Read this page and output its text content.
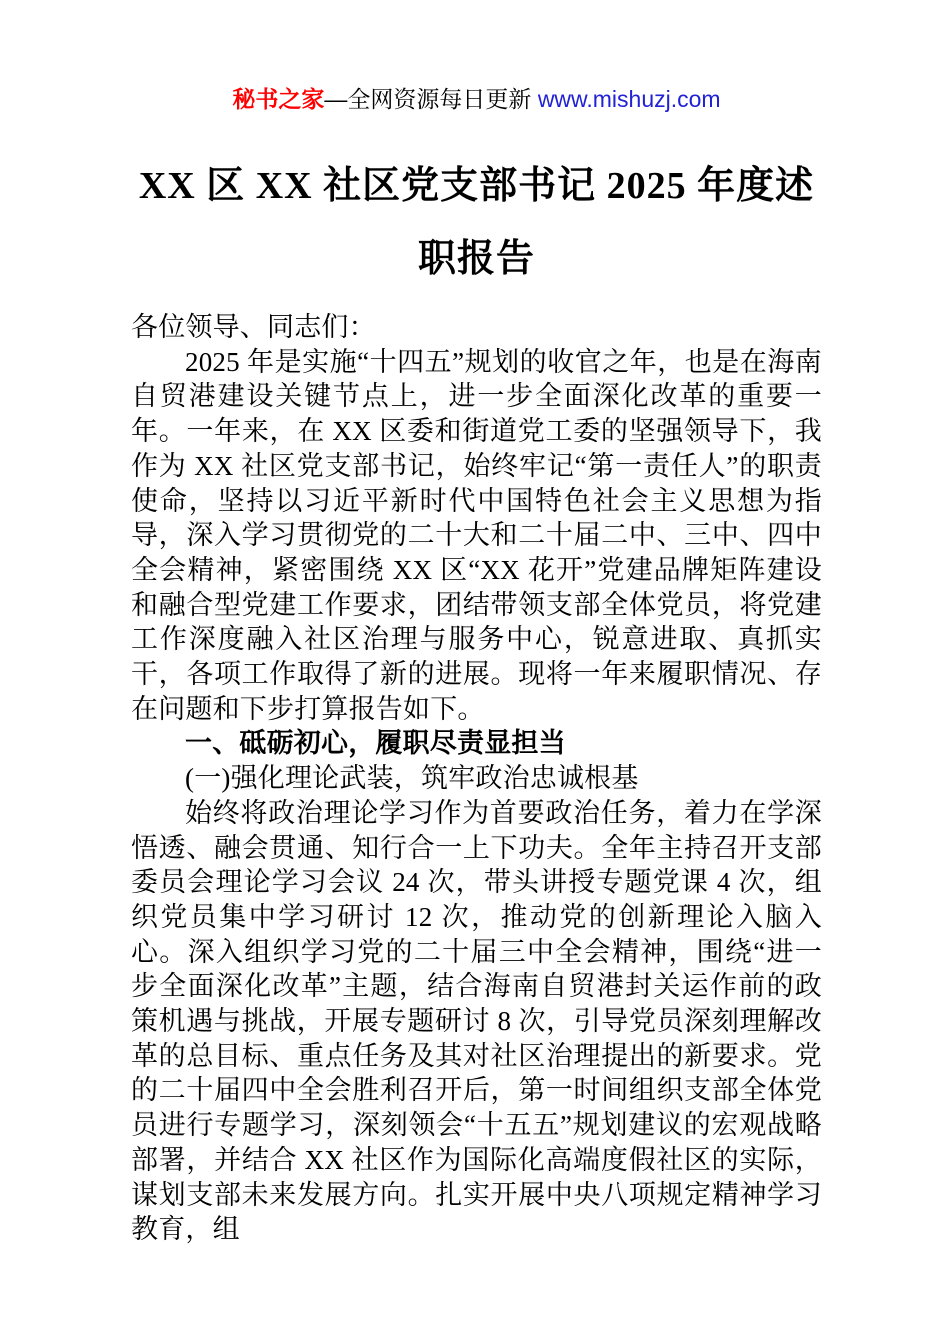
秘书之家—全网资源每日更新 www.mishuzj.com
XX 区 XX 社区党支部书记 2025 年度述职报告

各位领导、同志们：

2025 年是实施“十四五”规划的收官之年，也是在海南自贸港建设关键节点上，进一步全面深化改革的重要一年。一年来，在 XX 区委和街道党工委的坚强领导下，我作为 XX 社区党支部书记，始终牢记“第一责任人”的职责使命，坚持以习近平新时代中国特色社会主义思想为指导，深入学习贯彻党的二十大和二十届二中、三中、四中全会精神，紧密围绕 XX 区“XX 花开”党建品牌矩阵建设和融合型党建工作要求，团结带领支部全体党员，将党建工作深度融入社区治理与服务中心，锐意进取、真抓实干，各项工作取得了新的进展。现将一年来履职情况、存在问题和下步打算报告如下。

一、砥砺初心，履职尽责显担当

(一)强化理论武装，筑牢政治忠诚根基

始终将政治理论学习作为首要政治任务，着力在学深悟透、融会贯通、知行合一上下功夫。全年主持召开支部委员会理论学习会议 24 次，带头讲授专题党课 4 次，组织党员集中学习研讨 12 次，推动党的创新理论入脑入心。深入组织学习党的二十届三中全会精神，围绕“进一步全面深化改革”主题，结合海南自贸港封关运作前的政策机遇与挑战，开展专题研讨 8 次，引导党员深刻理解改革的总目标、重点任务及其对社区治理提出的新要求。党的二十届四中全会胜利召开后，第一时间组织支部全体党员进行专题学习，深刻领会“十五五”规划建议的宏观战略部署，并结合 XX 社区作为国际化高端度假社区的实际，谋划支部未来发展方向。扎实开展中央八项规定精神学习教育，组
